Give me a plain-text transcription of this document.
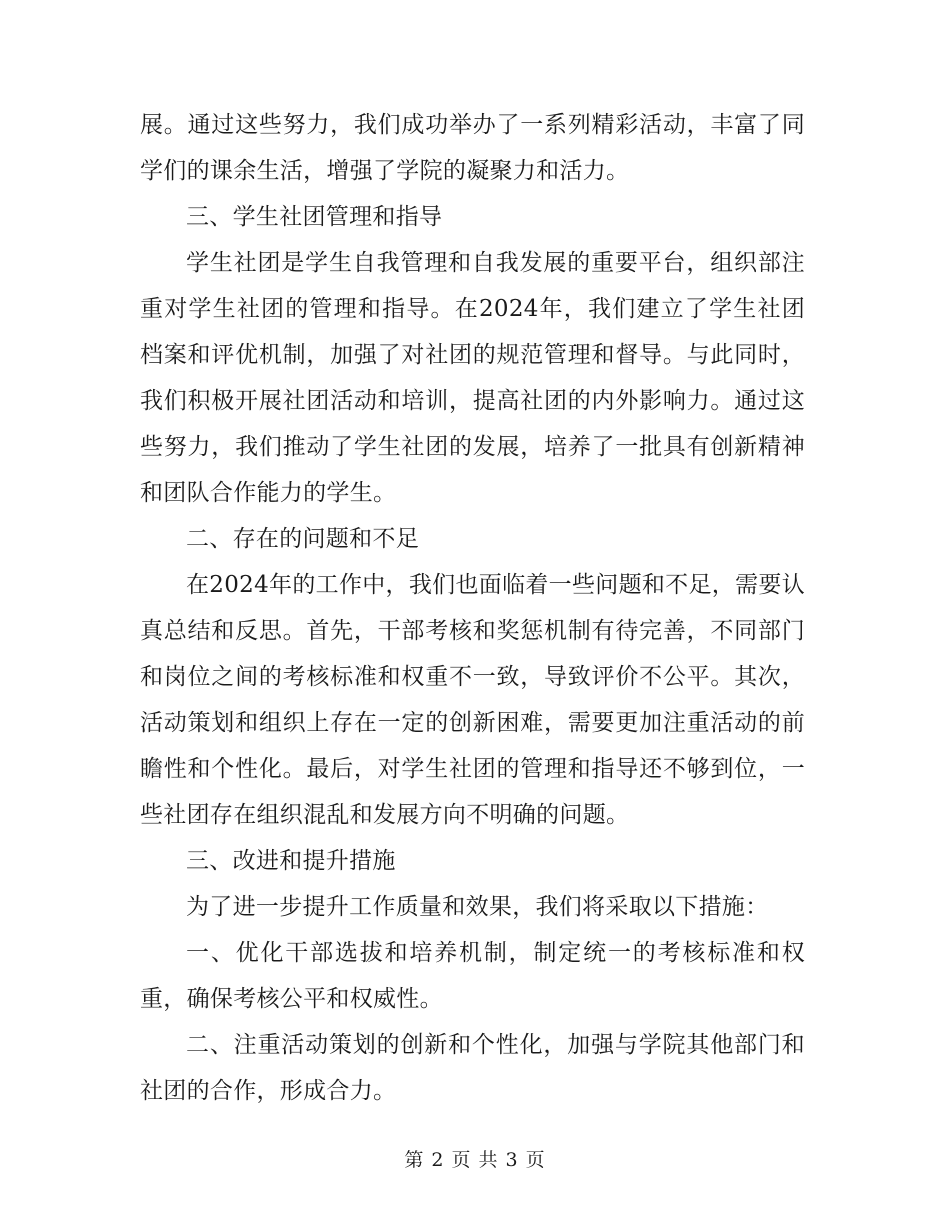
展。通过这些努力，我们成功举办了一系列精彩活动，丰富了同学们的课余生活，增强了学院的凝聚力和活力。

三、学生社团管理和指导

学生社团是学生自我管理和自我发展的重要平台，组织部注重对学生社团的管理和指导。在2024年，我们建立了学生社团档案和评优机制，加强了对社团的规范管理和督导。与此同时，我们积极开展社团活动和培训，提高社团的内外影响力。通过这些努力，我们推动了学生社团的发展，培养了一批具有创新精神和团队合作能力的学生。

二、存在的问题和不足

在2024年的工作中，我们也面临着一些问题和不足，需要认真总结和反思。首先，干部考核和奖惩机制有待完善，不同部门和岗位之间的考核标准和权重不一致，导致评价不公平。其次，活动策划和组织上存在一定的创新困难，需要更加注重活动的前瞻性和个性化。最后，对学生社团的管理和指导还不够到位，一些社团存在组织混乱和发展方向不明确的问题。

三、改进和提升措施

为了进一步提升工作质量和效果，我们将采取以下措施：

一、优化干部选拔和培养机制，制定统一的考核标准和权重，确保考核公平和权威性。

二、注重活动策划的创新和个性化，加强与学院其他部门和社团的合作，形成合力。

第 2 页 共 3 页
